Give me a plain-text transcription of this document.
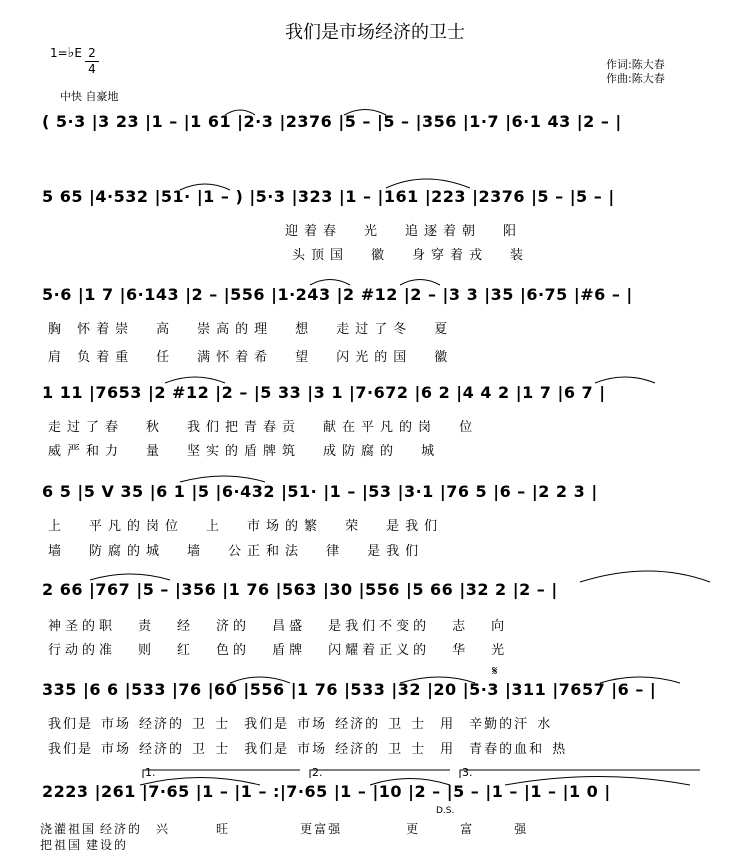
我们是市场经济的卫士
1=♭E 2
4
中快 自豪地
作词:陈大春
作曲:陈大春
( 5·3 |3 23 |1 – |1 61 |2·3 |2376 |5 – |5 – |356 |1·7 |6·1 43 |2 – |
5 65 |4·532 |51· |1 – ) |5·3 |323 |1 – |161 |223 |2376 |5 – |5 – |
迎着春 光 追逐着朝 阳
头顶国 徽 身穿着戎 装
5·6 |1 7 |6·143 |2 – |556 |1·243 |2 #12 |2 – |3 3 |35 |6·75 |#6 – |
胸 怀着崇 高 崇高的理 想 走过了冬 夏
肩 负着重 任 满怀着希 望 闪光的国 徽
1 11 |7653 |2 #12 |2 – |5 33 |3 1 |7·672 |6 2 |4 4 2 |1 7 |6 7 |
走过了春 秋 我们把青春贡 献在平凡的岗 位
威严和力 量 坚实的盾牌筑 成防腐的 城
6 5 |5 V 35 |6 1 |5 |6·432 |51· |1 – |53 |3·1 |76 5 |6 – |2 2 3 |
上 平凡的岗位 上 市场的繁 荣 是我们
墙 防腐的城 墙 公正和法 律 是我们
2 66 |767 |5 – |356 |1 76 |563 |30 |556 |5 66 |32 2 |2 – |
神圣的职 责 经 济的 昌盛 是我们不变的 志 向
行动的准 则 红 色的 盾牌 闪耀着正义的 华 光
𝄋
335 |6 6 |533 |76 |60 |556 |1 76 |533 |32 |20 |5·3 |311 |7657 |6 – |
我们是 市场 经济的 卫 士 我们是 市场 经济的 卫 士 用 辛勤的汗 水
我们是 市场 经济的 卫 士 我们是 市场 经济的 卫 士 用 青春的血和 热
1.	2.	3.
2223 |261 |7·65 |1 – |1 – :|7·65 |1 – |10 |2 – |5 – |1 – |1 – |1 0 |
D.S.
浇灌祖国 经济的 兴	旺	更富强	更	富	强
把祖国 建设的
